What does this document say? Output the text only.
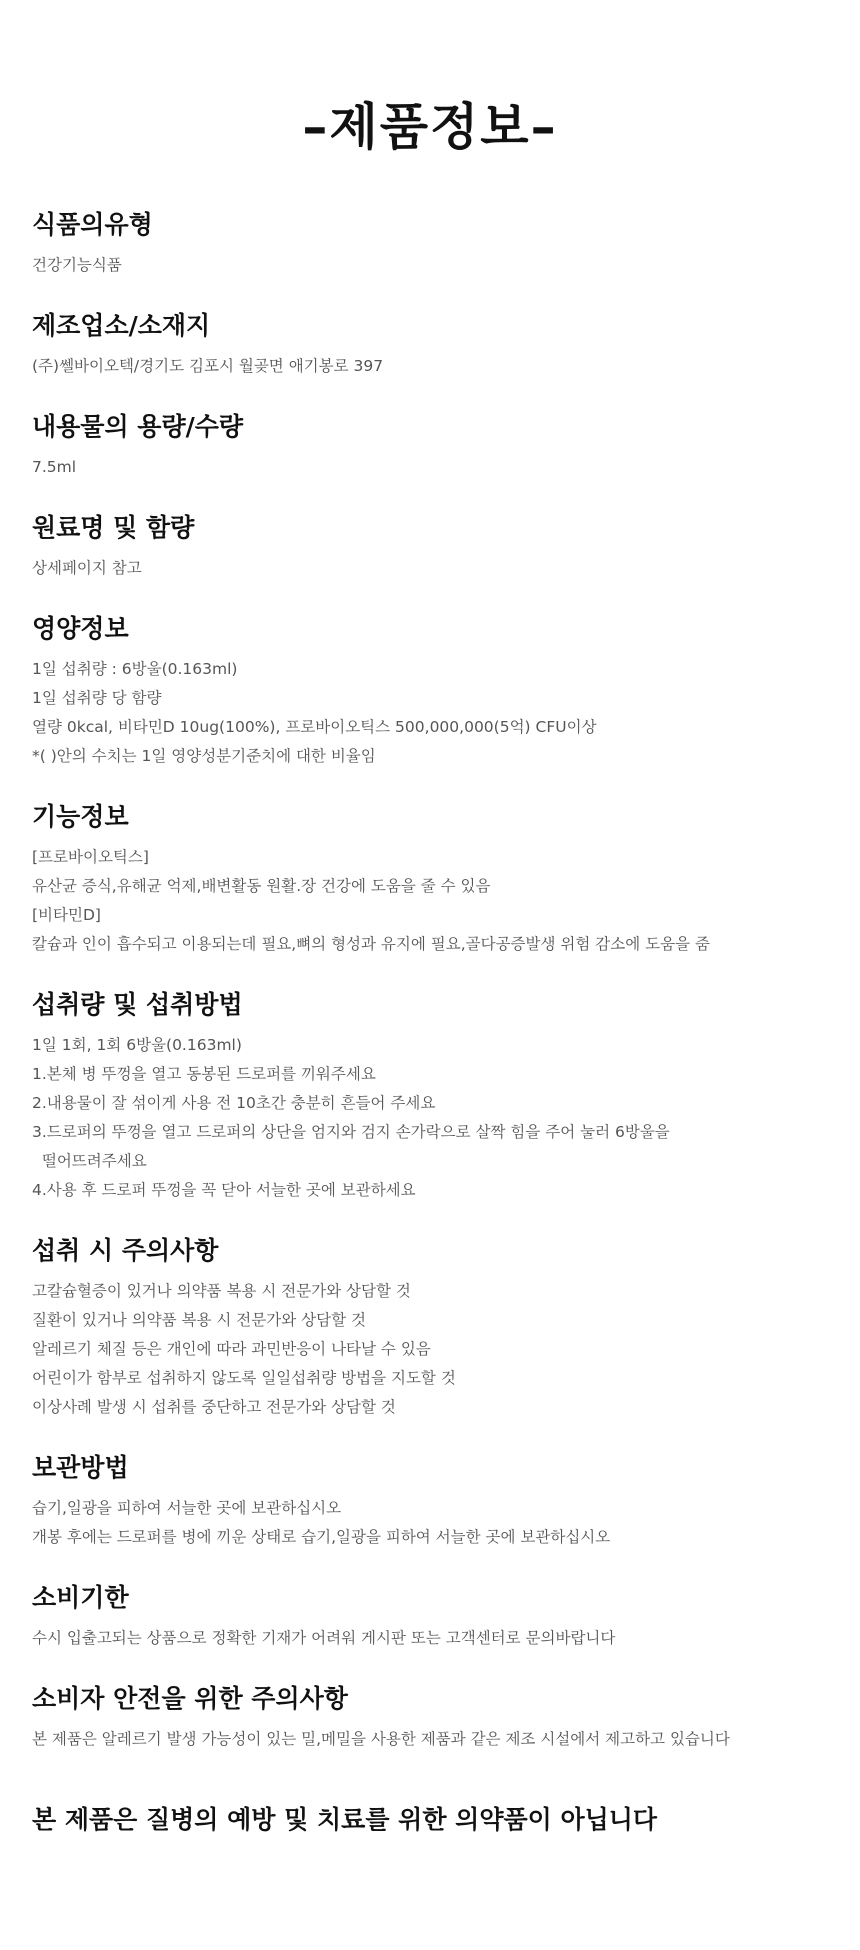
–제품정보–
식품의유형
건강기능식품
제조업소/소재지
(주)쎌바이오텍/경기도 김포시 월곶면 애기봉로 397
내용물의 용량/수량
7.5ml
원료명 및 함량
상세페이지 참고
영양정보
1일 섭취량 : 6방울(0.163ml)
1일 섭취량 당 함량
열량 0kcal, 비타민D 10ug(100%), 프로바이오틱스 500,000,000(5억) CFU이상
*( )안의 수치는 1일 영양성분기준치에 대한 비율임
기능정보
[프로바이오틱스]
유산균 증식,유해균 억제,배변활동 원활.장 건강에 도움을 줄 수 있음
[비타민D]
칼슘과 인이 흡수되고 이용되는데 필요,뼈의 형성과 유지에 필요,골다공증발생 위험 감소에 도움을 줌
섭취량 및 섭취방법
1일 1회, 1회 6방울(0.163ml)
1.본체 병 뚜껑을 열고 동봉된 드로퍼를 끼워주세요
2.내용물이 잘 섞이게 사용 전 10초간 충분히 흔들어 주세요
3.드로퍼의 뚜껑을 열고 드로퍼의 상단을 엄지와 검지 손가락으로 살짝 힘을 주어 눌러 6방울을
떨어뜨려주세요
4.사용 후 드로퍼 뚜껑을 꼭 닫아 서늘한 곳에 보관하세요
섭취 시 주의사항
고칼슘혈증이 있거나 의약품 복용 시 전문가와 상담할 것
질환이 있거나 의약품 복용 시 전문가와 상담할 것
알레르기 체질 등은 개인에 따라 과민반응이 나타날 수 있음
어린이가 함부로 섭취하지 않도록 일일섭취량 방법을 지도할 것
이상사례 발생 시 섭취를 중단하고 전문가와 상담할 것
보관방법
습기,일광을 피하여 서늘한 곳에 보관하십시오
개봉 후에는 드로퍼를 병에 끼운 상태로 습기,일광을 피하여 서늘한 곳에 보관하십시오
소비기한
수시 입출고되는 상품으로 정확한 기재가 어려워 게시판 또는 고객센터로 문의바랍니다
소비자 안전을 위한 주의사항
본 제품은 알레르기 발생 가능성이 있는 밀,메밀을 사용한 제품과 같은 제조 시설에서 제고하고 있습니다
본 제품은 질병의 예방 및 치료를 위한 의약품이 아닙니다
